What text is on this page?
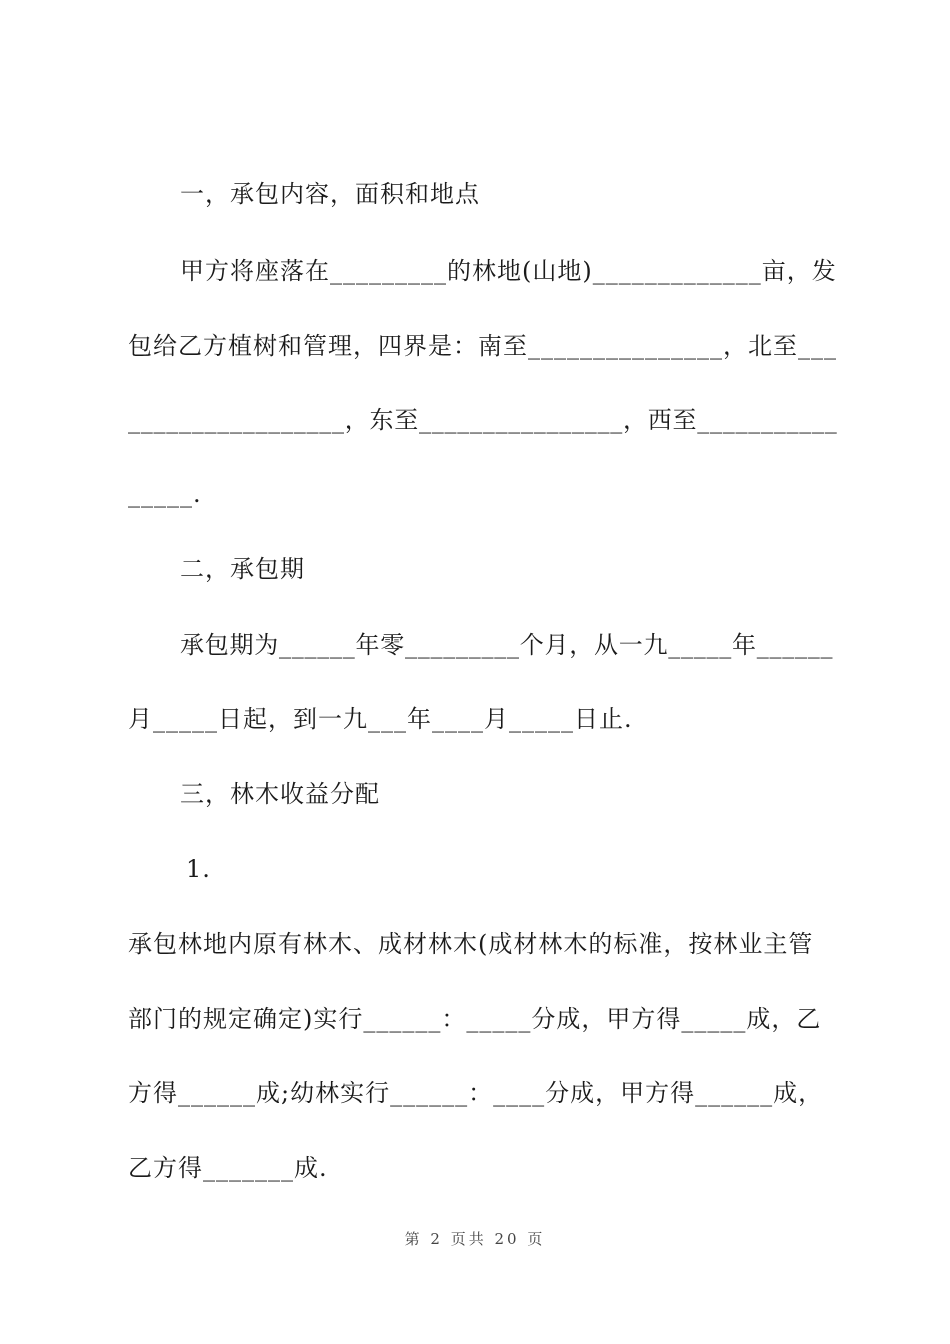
一，承包内容，面积和地点
甲方将座落在_________的林地(山地)_____________亩，发
包给乙方植树和管理，四界是：南至_______________，北至___
_________________，东至________________，西至___________
_____.
二，承包期
承包期为______年零_________个月，从一九_____年______
月_____日起，到一九___年____月_____日止.
三，林木收益分配
1.
承包林地内原有林木、成材林木(成材林木的标准，按林业主管
部门的规定确定)实行______：_____分成，甲方得_____成，乙
方得______成;幼林实行______：____分成，甲方得______成，
乙方得_______成.
第 2 页共 20 页
